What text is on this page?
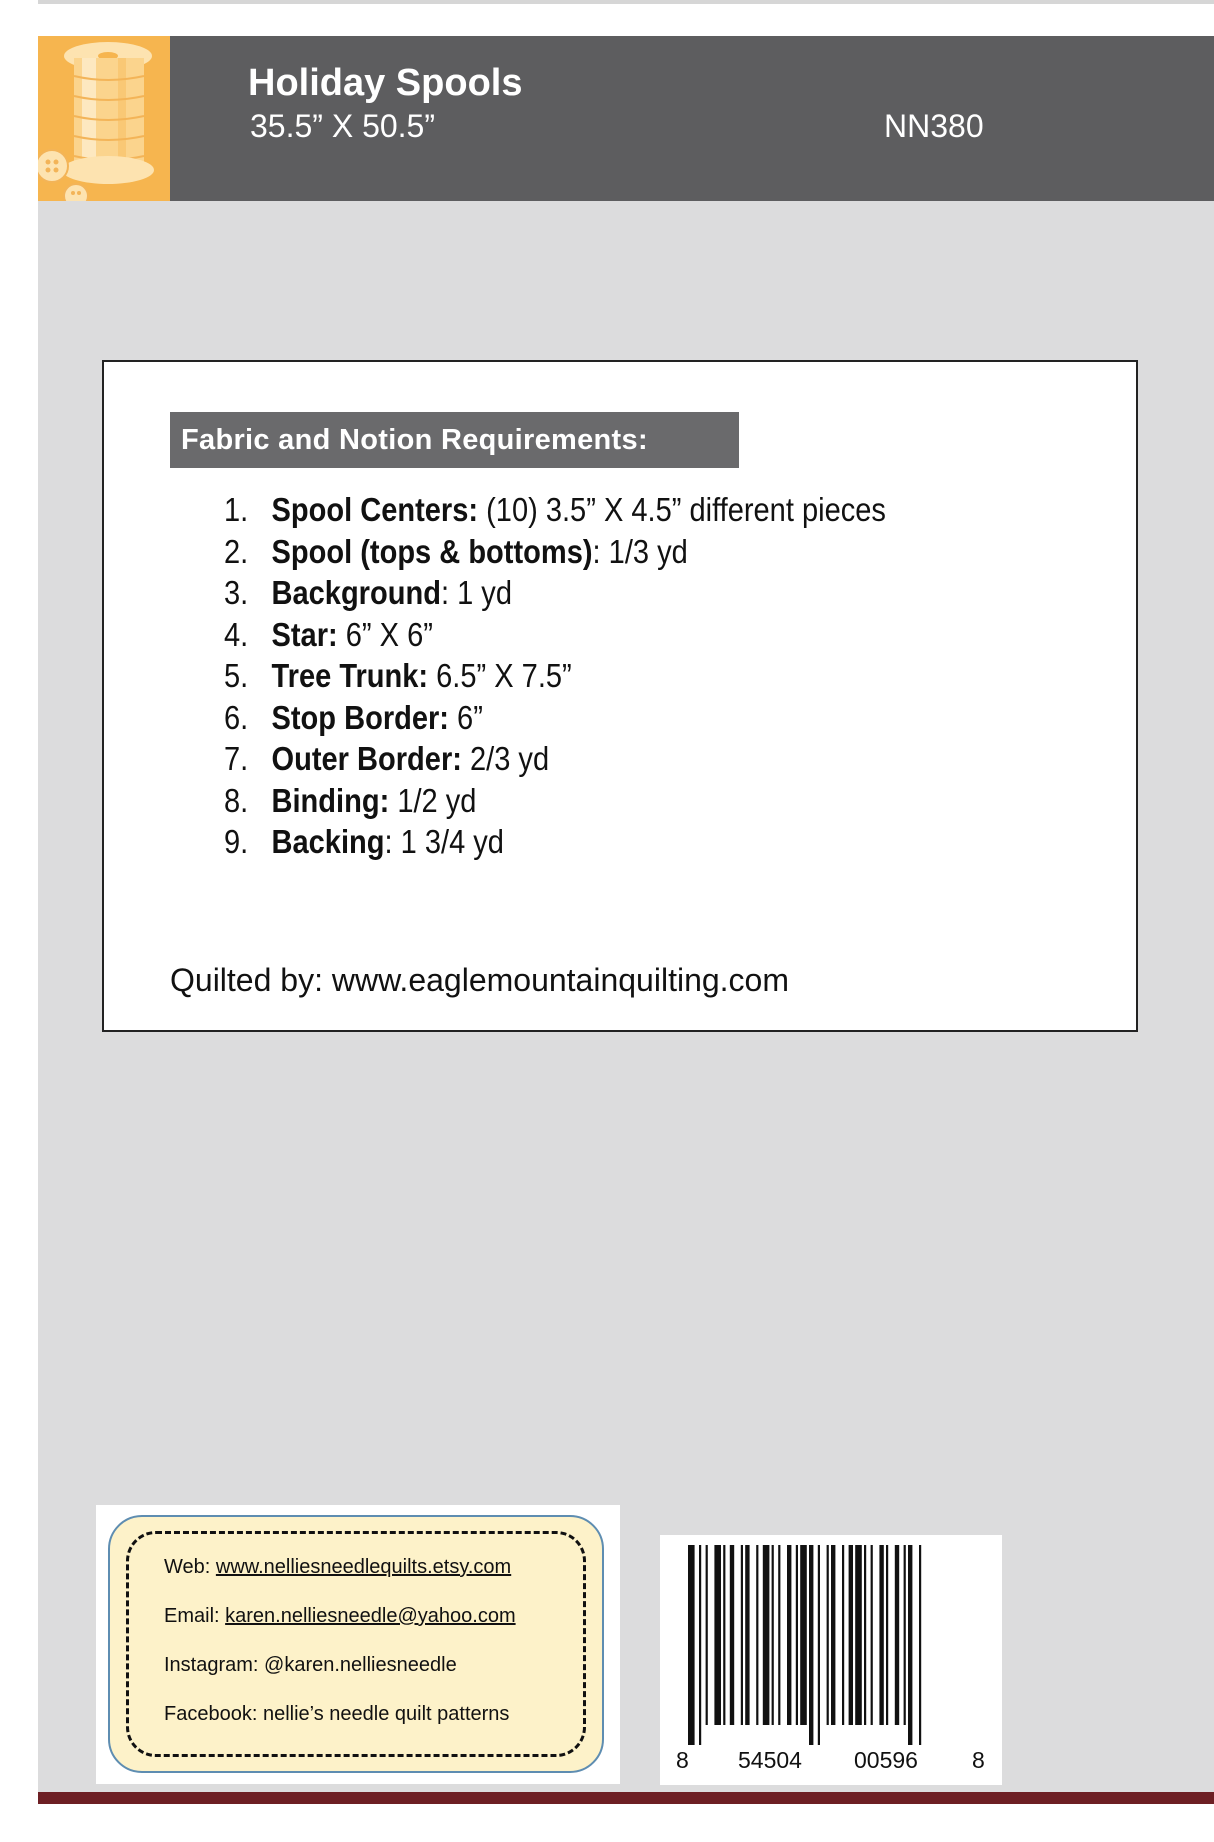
Holiday Spools
35.5” X 50.5”	NN380
Fabric and Notion Requirements:
1. Spool Centers: (10) 3.5” X 4.5” different pieces
2. Spool (tops & bottoms): 1/3 yd
3. Background: 1 yd
4. Star: 6” X 6”
5. Tree Trunk: 6.5” X 7.5”
6. Stop Border: 6”
7. Outer Border: 2/3 yd
8. Binding: 1/2 yd
9. Backing: 1 3/4 yd
Quilted by: www.eaglemountainquilting.com
Web: www.nelliesneedlequilts.etsy.com
Email: karen.nelliesneedle@yahoo.com
Instagram: @karen.nelliesneedle
Facebook: nellie’s needle quilt patterns
8 54504 00596 8
